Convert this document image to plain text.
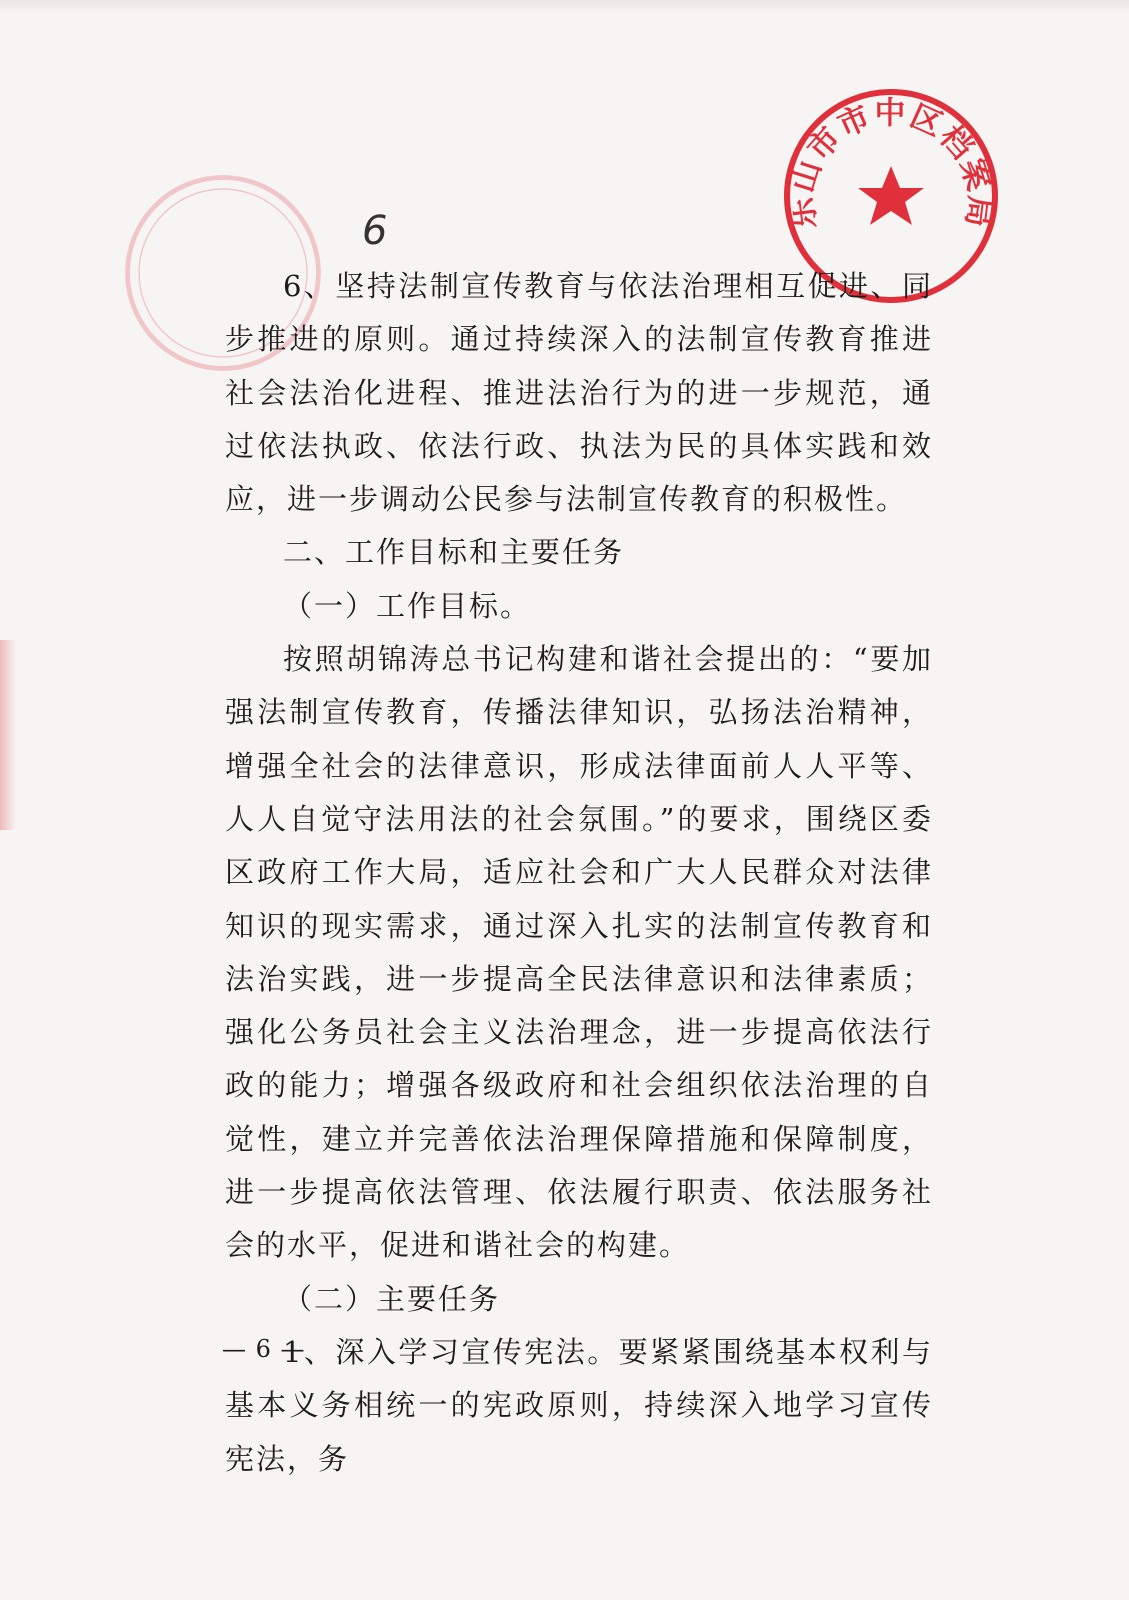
乐山市市中区档案局
6

6、坚持法制宣传教育与依法治理相互促进、同步推进的原则。通过持续深入的法制宣传教育推进社会法治化进程、推进法治行为的进一步规范，通过依法执政、依法行政、执法为民的具体实践和效应，进一步调动公民参与法制宣传教育的积极性。

二、工作目标和主要任务

（一）工作目标。

按照胡锦涛总书记构建和谐社会提出的：“要加强法制宣传教育，传播法律知识，弘扬法治精神，增强全社会的法律意识，形成法律面前人人平等、人人自觉守法用法的社会氛围。”的要求，围绕区委区政府工作大局，适应社会和广大人民群众对法律知识的现实需求，通过深入扎实的法制宣传教育和法治实践，进一步提高全民法律意识和法律素质；强化公务员社会主义法治理念，进一步提高依法行政的能力；增强各级政府和社会组织依法治理的自觉性，建立并完善依法治理保障措施和保障制度，进一步提高依法管理、依法履行职责、依法服务社会的水平，促进和谐社会的构建。

（二）主要任务

1、深入学习宣传宪法。要紧紧围绕基本权利与基本义务相统一的宪政原则，持续深入地学习宣传宪法，务

— 6 —
